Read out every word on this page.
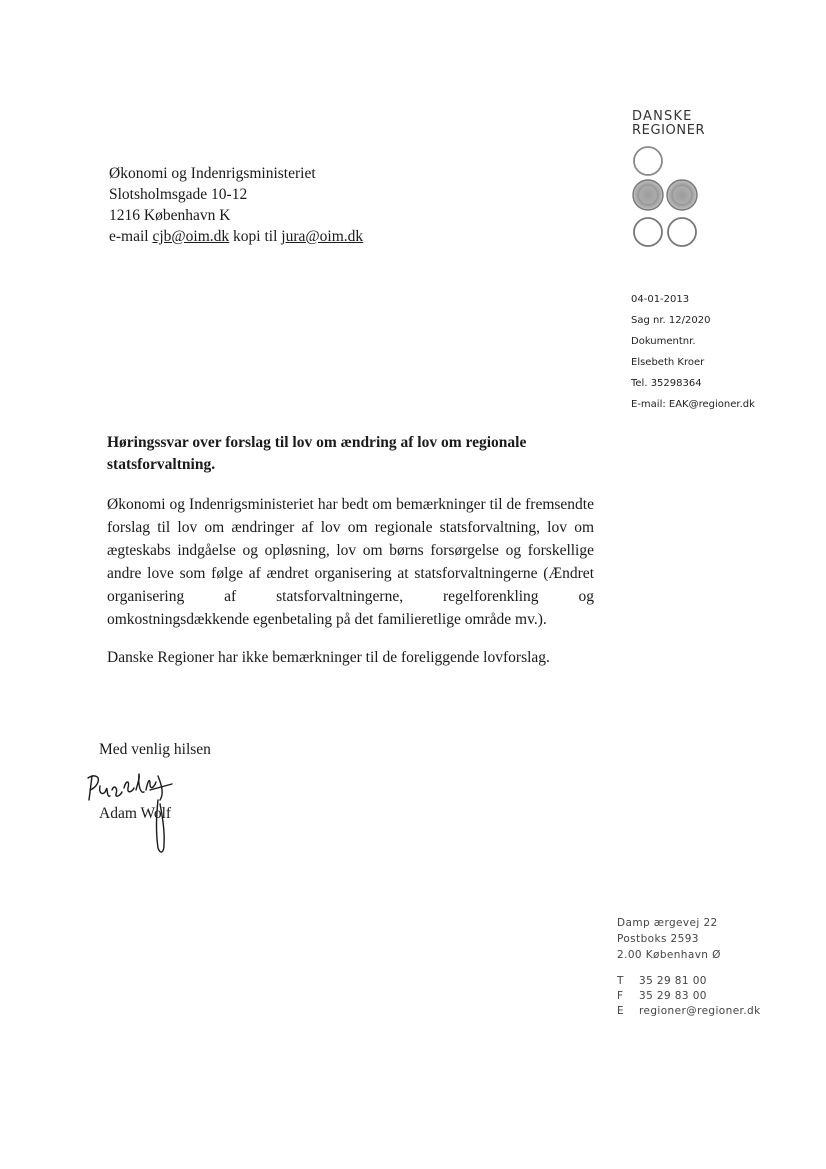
DANSKE
REGIONER
Økonomi og Indenrigsministeriet
Slotsholmsgade 10-12
1216 København K
e-mail cjb@oim.dk kopi til jura@oim.dk
04-01-2013
Sag nr. 12/2020
Dokumentnr.
Elsebeth Kroer
Tel. 35298364
E-mail: EAK@regioner.dk

Høringssvar over forslag til lov om ændring af lov om regionale statsforvaltning.

Økonomi og Indenrigsministeriet har bedt om bemærkninger til de fremsendte forslag til lov om ændringer af lov om regionale statsforvaltning, lov om ægteskabs indgåelse og opløsning, lov om børns forsørgelse og forskellige andre love som følge af ændret organisering at statsforvaltningerne (Ændret organisering af statsforvaltningerne, regelforenkling og omkostningsdækkende egenbetaling på det familieretlige område mv.).

Danske Regioner har ikke bemærkninger til de foreliggende lovforslag.

Med venlig hilsen
Adam Wolf
Damp ærgevej 22
Postboks 2593
2.00 København Ø
T 35 29 81 00
F 35 29 83 00
E regioner@regioner.dk
